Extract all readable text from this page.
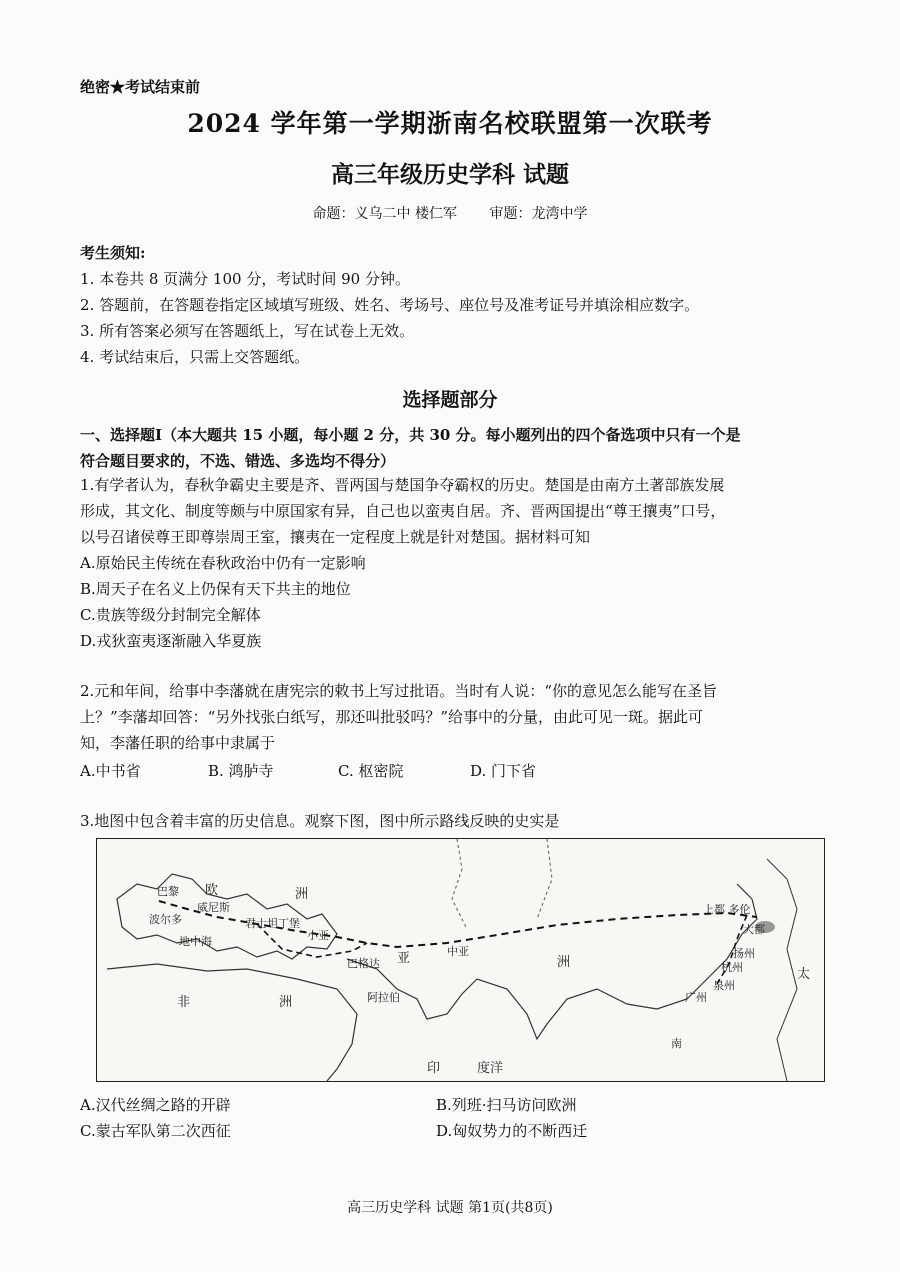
绝密★考试结束前
2024 学年第一学期浙南名校联盟第一次联考
高三年级历史学科 试题
命题：义乌二中 楼仁军 审题：龙湾中学
考生须知:
1. 本卷共 8 页满分 100 分，考试时间 90 分钟。
2. 答题前，在答题卷指定区域填写班级、姓名、考场号、座位号及准考证号并填涂相应数字。
3. 所有答案必须写在答题纸上，写在试卷上无效。
4. 考试结束后，只需上交答题纸。
选择题部分
一、选择题Ⅰ（本大题共 15 小题，每小题 2 分，共 30 分。每小题列出的四个备选项中只有一个是
符合题目要求的，不选、错选、多选均不得分）
1.有学者认为，春秋争霸史主要是齐、晋两国与楚国争夺霸权的历史。楚国是由南方土著部族发展
形成，其文化、制度等颇与中原国家有异，自己也以蛮夷自居。齐、晋两国提出“尊王攘夷”口号，
以号召诸侯尊王即尊崇周王室，攘夷在一定程度上就是针对楚国。据材料可知
A.原始民主传统在春秋政治中仍有一定影响
B.周天子在名义上仍保有天下共主的地位
C.贵族等级分封制完全解体
D.戎狄蛮夷逐渐融入华夏族
2.元和年间，给事中李藩就在唐宪宗的敕书上写过批语。当时有人说：“你的意见怎么能写在圣旨
上？”李藩却回答：“另外找张白纸写，那还叫批驳吗？”给事中的分量，由此可见一斑。据此可
知，李藩任职的给事中隶属于
A.中书省	B. 鸿胪寺	C. 枢密院	D. 门下省
3.地图中包含着丰富的历史信息。观察下图，图中所示路线反映的史实是
巴黎 欧	洲
威尼斯
波尔多	君士坦丁堡
地中海	小亚
巴格达 亚	洲
中亚
上都 多伦
大都
扬州
杭州
泉州
广州
非	洲	阿拉伯
印	度洋
太
南
A.汉代丝绸之路的开辟	B.列班·扫马访问欧洲
C.蒙古军队第二次西征	D.匈奴势力的不断西迁
高三历史学科 试题 第1页(共8页)
